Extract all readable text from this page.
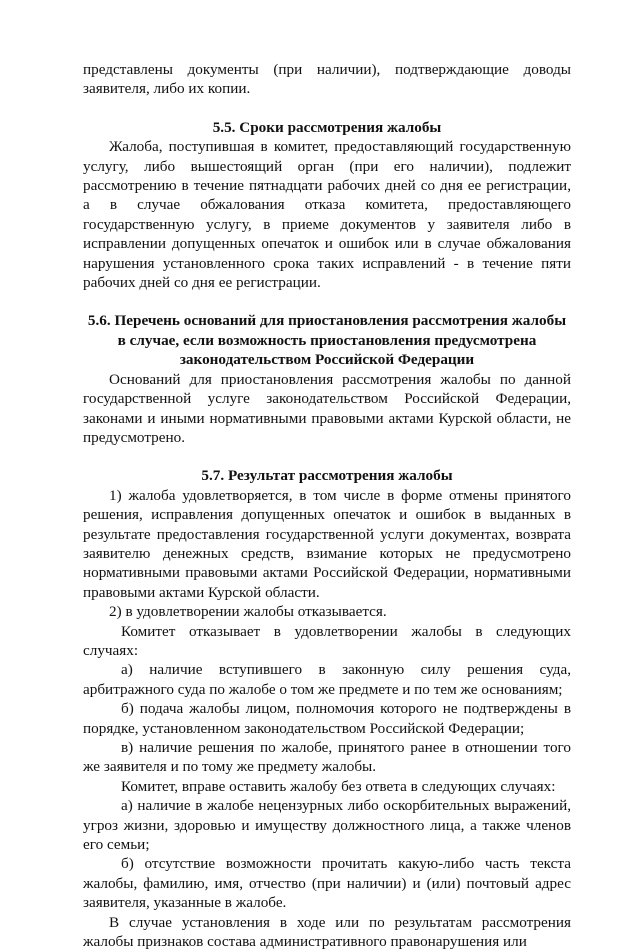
представлены документы (при наличии), подтверждающие доводы заявителя, либо их копии.

5.5. Сроки рассмотрения жалобы

Жалоба, поступившая в комитет, предоставляющий государственную услугу, либо вышестоящий орган (при его наличии), подлежит рассмотрению в течение пятнадцати рабочих дней со дня ее регистрации, а в случае обжалования отказа комитета, предоставляющего государственную услугу, в приеме документов у заявителя либо в исправлении допущенных опечаток и ошибок или в случае обжалования нарушения установленного срока таких исправлений - в течение пяти рабочих дней со дня ее регистрации.

5.6. Перечень оснований для приостановления рассмотрения жалобы в случае, если возможность приостановления предусмотрена законодательством Российской Федерации

Оснований для приостановления рассмотрения жалобы по данной государственной услуге законодательством Российской Федерации, законами и иными нормативными правовыми актами Курской области, не предусмотрено.

5.7. Результат рассмотрения жалобы

1) жалоба удовлетворяется, в том числе в форме отмены принятого решения, исправления допущенных опечаток и ошибок в выданных в результате предоставления государственной услуги документах, возврата заявителю денежных средств, взимание которых не предусмотрено нормативными правовыми актами Российской Федерации, нормативными правовыми актами Курской области.

2) в удовлетворении жалобы отказывается.

Комитет отказывает в удовлетворении жалобы в следующих случаях:

а) наличие вступившего в законную силу решения суда, арбитражного суда по жалобе о том же предмете и по тем же основаниям;

б) подача жалобы лицом, полномочия которого не подтверждены в порядке, установленном законодательством Российской Федерации;

в) наличие решения по жалобе, принятого ранее в отношении того же заявителя и по тому же предмету жалобы.

Комитет, вправе оставить жалобу без ответа в следующих случаях:

а) наличие в жалобе нецензурных либо оскорбительных выражений, угроз жизни, здоровью и имуществу должностного лица, а также членов его семьи;

б) отсутствие возможности прочитать какую-либо часть текста жалобы, фамилию, имя, отчество (при наличии) и (или) почтовый адрес заявителя, указанные в жалобе.

В случае установления в ходе или по результатам рассмотрения жалобы признаков состава административного правонарушения или
